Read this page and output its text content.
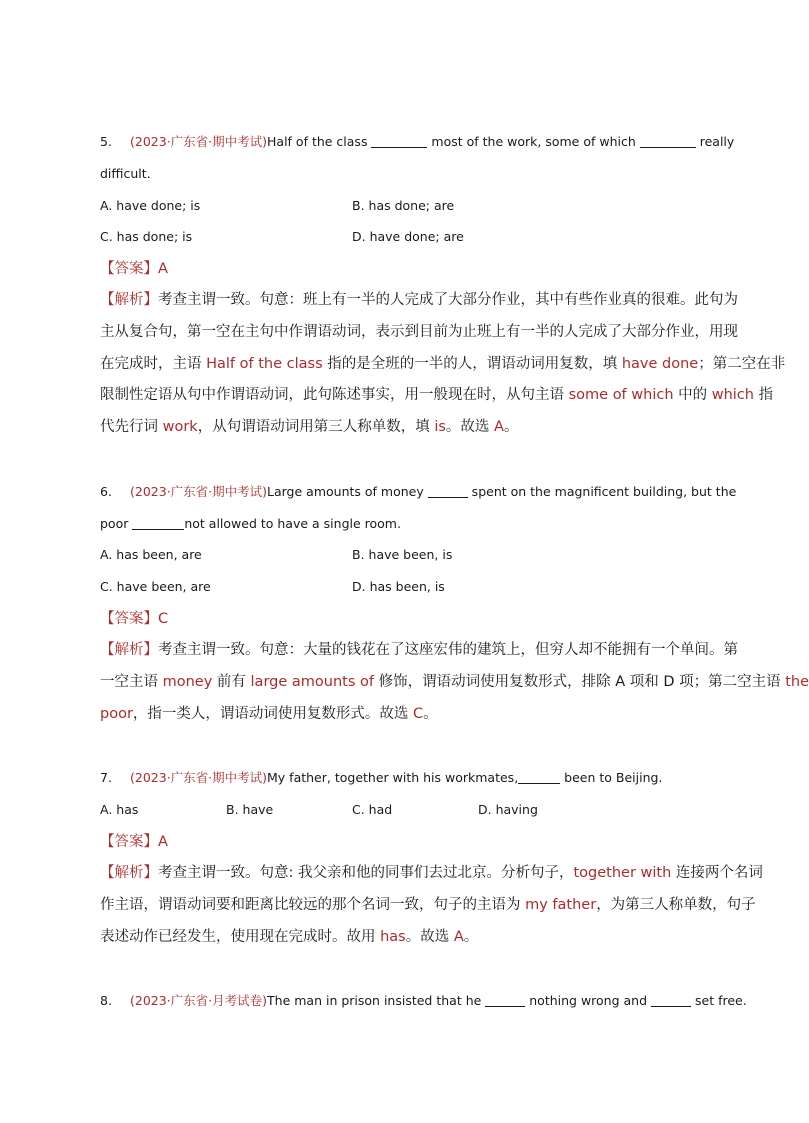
5. (2023·广东省·期中考试)Half of the class	most of the work, some of which	really
difficult.
A. have done; is	B. has done; are
C. has done; is	D. have done; are
【答案】A
【解析】考查主谓一致。句意：班上有一半的人完成了大部分作业，其中有些作业真的很难。此句为
主从复合句，第一空在主句中作谓语动词，表示到目前为止班上有一半的人完成了大部分作业，用现
在完成时，主语 Half of the class 指的是全班的一半的人，谓语动词用复数，填 have done；第二空在非
限制性定语从句中作谓语动词，此句陈述事实，用一般现在时，从句主语 some of which 中的 which 指
代先行词 work，从句谓语动词用第三人称单数，填 is。故选 A。
6. (2023·广东省·期中考试)Large amounts of money	spent on the magnificent building, but the
poor	not allowed to have a single room.
A. has been, are	B. have been, is
C. have been, are	D. has been, is
【答案】C
【解析】考查主谓一致。句意：大量的钱花在了这座宏伟的建筑上，但穷人却不能拥有一个单间。第
一空主语 money 前有 large amounts of 修饰，谓语动词使用复数形式，排除 A 项和 D 项；第二空主语 the
poor，指一类人，谓语动词使用复数形式。故选 C。
7. (2023·广东省·期中考试)My father, together with his workmates,	been to Beijing.
A. has	B. have	C. had	D. having
【答案】A
【解析】考查主谓一致。句意: 我父亲和他的同事们去过北京。分析句子，together with 连接两个名词
作主语，谓语动词要和距离比较远的那个名词一致，句子的主语为 my father，为第三人称单数，句子
表述动作已经发生，使用现在完成时。故用 has。故选 A。
8. (2023·广东省·月考试卷)The man in prison insisted that he	nothing wrong and	set free.
